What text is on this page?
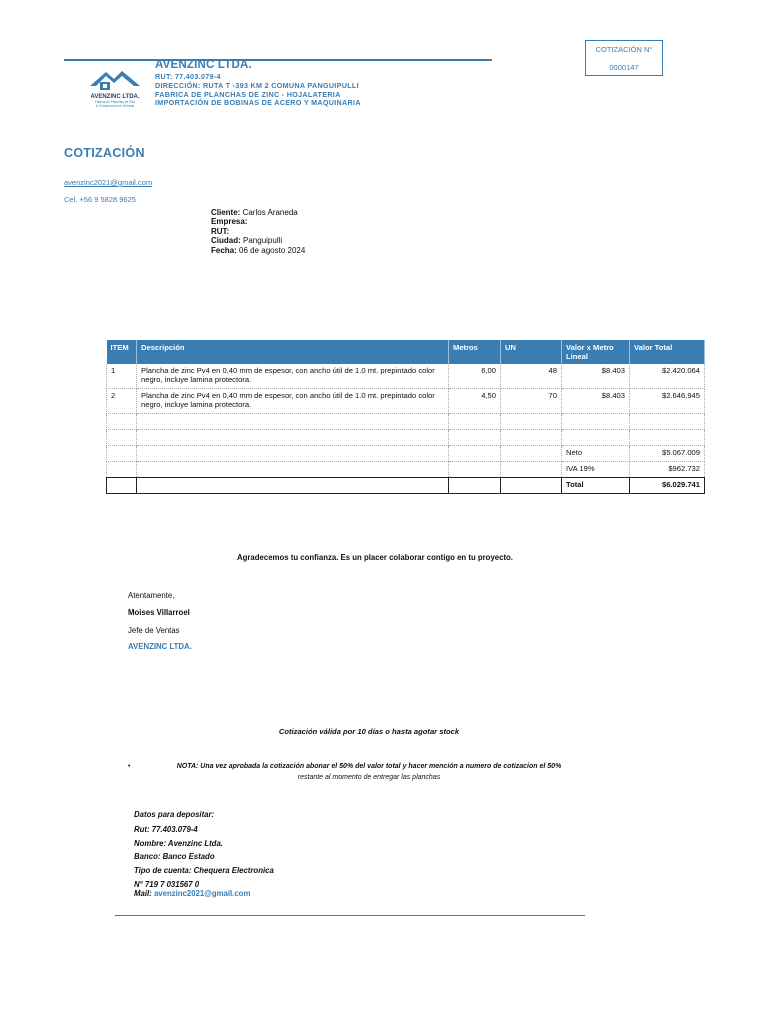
AVENZINC LTDA.
Fábrica de Planchas de Zinc
& Construcción en General
AVENZINC LTDA.
RUT: 77.403.079-4
DIRECCIÓN: RUTA T -393 KM 2 COMUNA PANGUIPULLI
FABRICA DE PLANCHAS DE ZINC - HOJALATERIA
IMPORTACIÓN DE BOBINAS DE ACERO Y MAQUINARIA
COTIZACIÓN N°
0000147
COTIZACIÓN
avenzinc2021@gmail.com
Cel. +56 9 5828 9625
Cliente: Carlos Araneda
Empresa:
RUT:
Ciudad: Panguipulli
Fecha: 06 de agosto 2024
ITEM	Descripción	Metros	UN	Valor x Metro Lineal	Valor Total
1	Plancha de zinc Pv4 en 0,40 mm de espesor, con ancho útil de 1.0 mt. prepintado color negro, incluye lamina protectora.	6,00	48	$8.403	$2.420.064
2	Plancha de zinc Pv4 en 0,40 mm de espesor, con ancho útil de 1.0 mt. prepintado color negro, incluye lamina protectora.	4,50	70	$8.403	$2.646.945

				Neto	$5.067.009
				IVA 19%	$962.732
				Total	$6.029.741
Agradecemos tu confianza. Es un placer colaborar contigo en tu proyecto.
Atentamente,
Moises Villarroel
Jefe de Ventas
AVENZINC LTDA.
Cotización válida por 10 días o hasta agotar stock
•	NOTA: Una vez aprobada la cotización abonar el 50% del valor total y hacer mención a numero de cotizacion el 50%
restante al momento de entregar las planchas
Datos para depositar:
Rut: 77.403.079-4
Nombre: Avenzinc Ltda.
Banco: Banco Estado
Tipo de cuenta: Chequera Electronica
N° 719 7 031567 0
Mail: avenzinc2021@gmail.com
